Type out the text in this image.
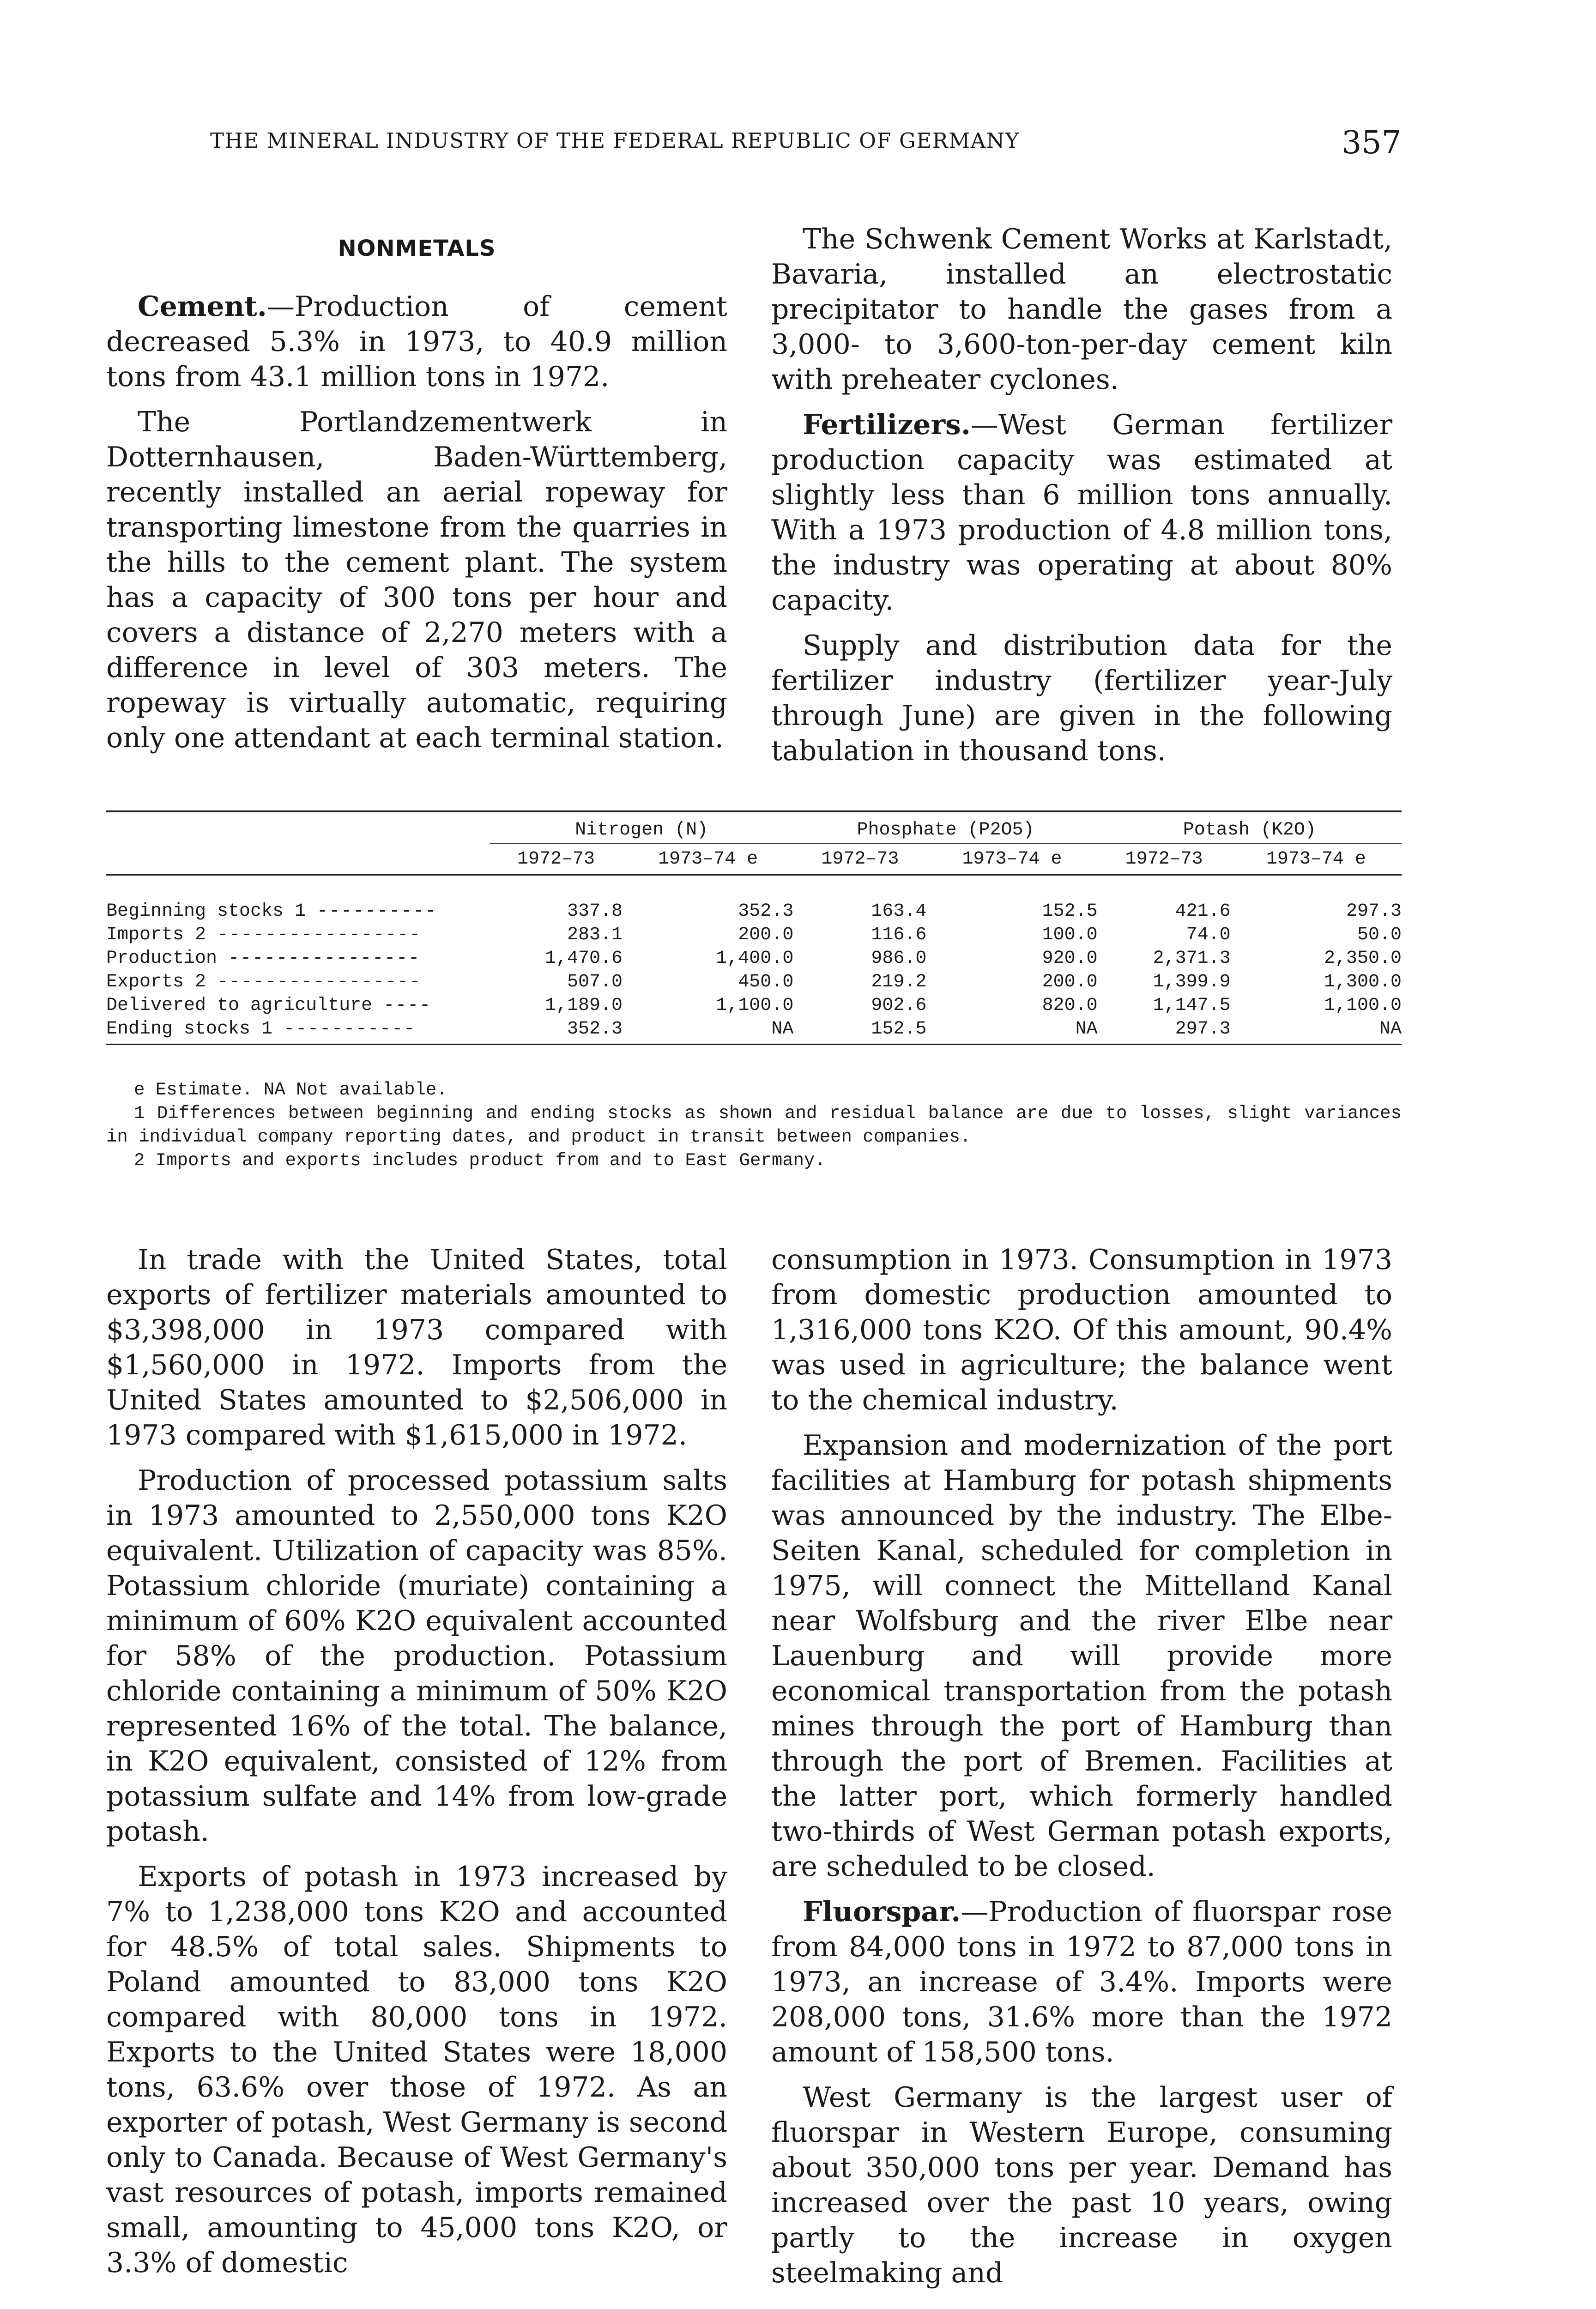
THE MINERAL INDUSTRY OF THE FEDERAL REPUBLIC OF GERMANY	357
NONMETALS

Cement.—Production of cement decreased 5.3% in 1973, to 40.9 million tons from 43.1 million tons in 1972.

The Portlandzementwerk in Dotternhausen, Baden-Württemberg, recently installed an aerial ropeway for transporting limestone from the quarries in the hills to the cement plant. The system has a capacity of 300 tons per hour and covers a distance of 2,270 meters with a difference in level of 303 meters. The ropeway is virtually automatic, requiring only one attendant at each terminal station.

The Schwenk Cement Works at Karlstadt, Bavaria, installed an electrostatic precipitator to handle the gases from a 3,000- to 3,600-ton-per-day cement kiln with preheater cyclones.

Fertilizers.—West German fertilizer production capacity was estimated at slightly less than 6 million tons annually. With a 1973 production of 4.8 million tons, the industry was operating at about 80% capacity.

Supply and distribution data for the fertilizer industry (fertilizer year-July through June) are given in the following tabulation in thousand tons.

	Nitrogen (N)		Phosphate (P2O5)		Potash (K2O)	
	1972–73	1973–74 e	1972–73	1973–74 e	1972–73	1973–74 e

Beginning stocks 1 ----------	337.8	352.3	163.4	152.5	421.6	297.3
Imports 2 -----------------	283.1	200.0	116.6	100.0	74.0	50.0
Production ----------------	1,470.6	1,400.0	986.0	920.0	2,371.3	2,350.0
Exports 2 -----------------	507.0	450.0	219.2	200.0	1,399.9	1,300.0
Delivered to agriculture ----	1,189.0	1,100.0	902.6	820.0	1,147.5	1,100.0
Ending stocks 1 -----------	352.3	NA	152.5	NA	297.3	NA

e Estimate. NA Not available.

1 Differences between beginning and ending stocks as shown and residual balance are due to losses, slight variances in individual company reporting dates, and product in transit between companies.

2 Imports and exports includes product from and to East Germany.

In trade with the United States, total exports of fertilizer materials amounted to $3,398,000 in 1973 compared with $1,560,000 in 1972. Imports from the United States amounted to $2,506,000 in 1973 compared with $1,615,000 in 1972.

Production of processed potassium salts in 1973 amounted to 2,550,000 tons K2O equivalent. Utilization of capacity was 85%. Potassium chloride (muriate) containing a minimum of 60% K2O equivalent accounted for 58% of the production. Potassium chloride containing a minimum of 50% K2O represented 16% of the total. The balance, in K2O equivalent, consisted of 12% from potassium sulfate and 14% from low-grade potash.

Exports of potash in 1973 increased by 7% to 1,238,000 tons K2O and accounted for 48.5% of total sales. Shipments to Poland amounted to 83,000 tons K2O compared with 80,000 tons in 1972. Exports to the United States were 18,000 tons, 63.6% over those of 1972. As an exporter of potash, West Germany is second only to Canada. Because of West Germany's vast resources of potash, imports remained small, amounting to 45,000 tons K2O, or 3.3% of domestic

consumption in 1973. Consumption in 1973 from domestic production amounted to 1,316,000 tons K2O. Of this amount, 90.4% was used in agriculture; the balance went to the chemical industry.

Expansion and modernization of the port facilities at Hamburg for potash shipments was announced by the industry. The Elbe-Seiten Kanal, scheduled for completion in 1975, will connect the Mittelland Kanal near Wolfsburg and the river Elbe near Lauenburg and will provide more economical transportation from the potash mines through the port of Hamburg than through the port of Bremen. Facilities at the latter port, which formerly handled two-thirds of West German potash exports, are scheduled to be closed.

Fluorspar.—Production of fluorspar rose from 84,000 tons in 1972 to 87,000 tons in 1973, an increase of 3.4%. Imports were 208,000 tons, 31.6% more than the 1972 amount of 158,500 tons.

West Germany is the largest user of fluorspar in Western Europe, consuming about 350,000 tons per year. Demand has increased over the past 10 years, owing partly to the increase in oxygen steelmaking and
